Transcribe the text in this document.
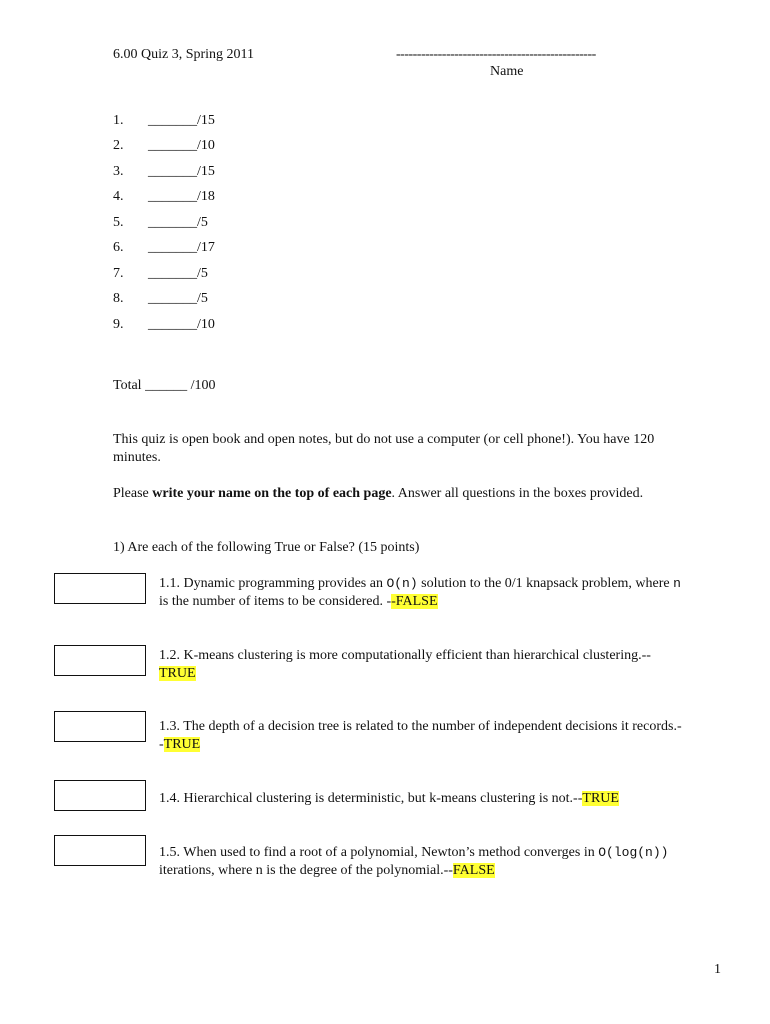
6.00 Quiz 3, Spring 2011	------------------------------------------------
Name
1. _______/15
2. _______/10
3. _______/15
4. _______/18
5. _______/5
6. _______/17
7. _______/5
8. _______/5
9. _______/10
Total ______ /100
This quiz is open book and open notes, but do not use a computer (or cell phone!). You have 120
minutes.
Please write your name on the top of each page. Answer all questions in the boxes provided.
1) Are each of the following True or False? (15 points)
1.1. Dynamic programming provides an O(n) solution to the 0/1 knapsack problem, where n
is the number of items to be considered. --FALSE
1.2. K-means clustering is more computationally efficient than hierarchical clustering.--
TRUE
1.3. The depth of a decision tree is related to the number of independent decisions it records.-
-TRUE
1.4. Hierarchical clustering is deterministic, but k-means clustering is not.--TRUE
1.5. When used to find a root of a polynomial, Newton’s method converges in O(log(n))
iterations, where n is the degree of the polynomial.--FALSE
1
